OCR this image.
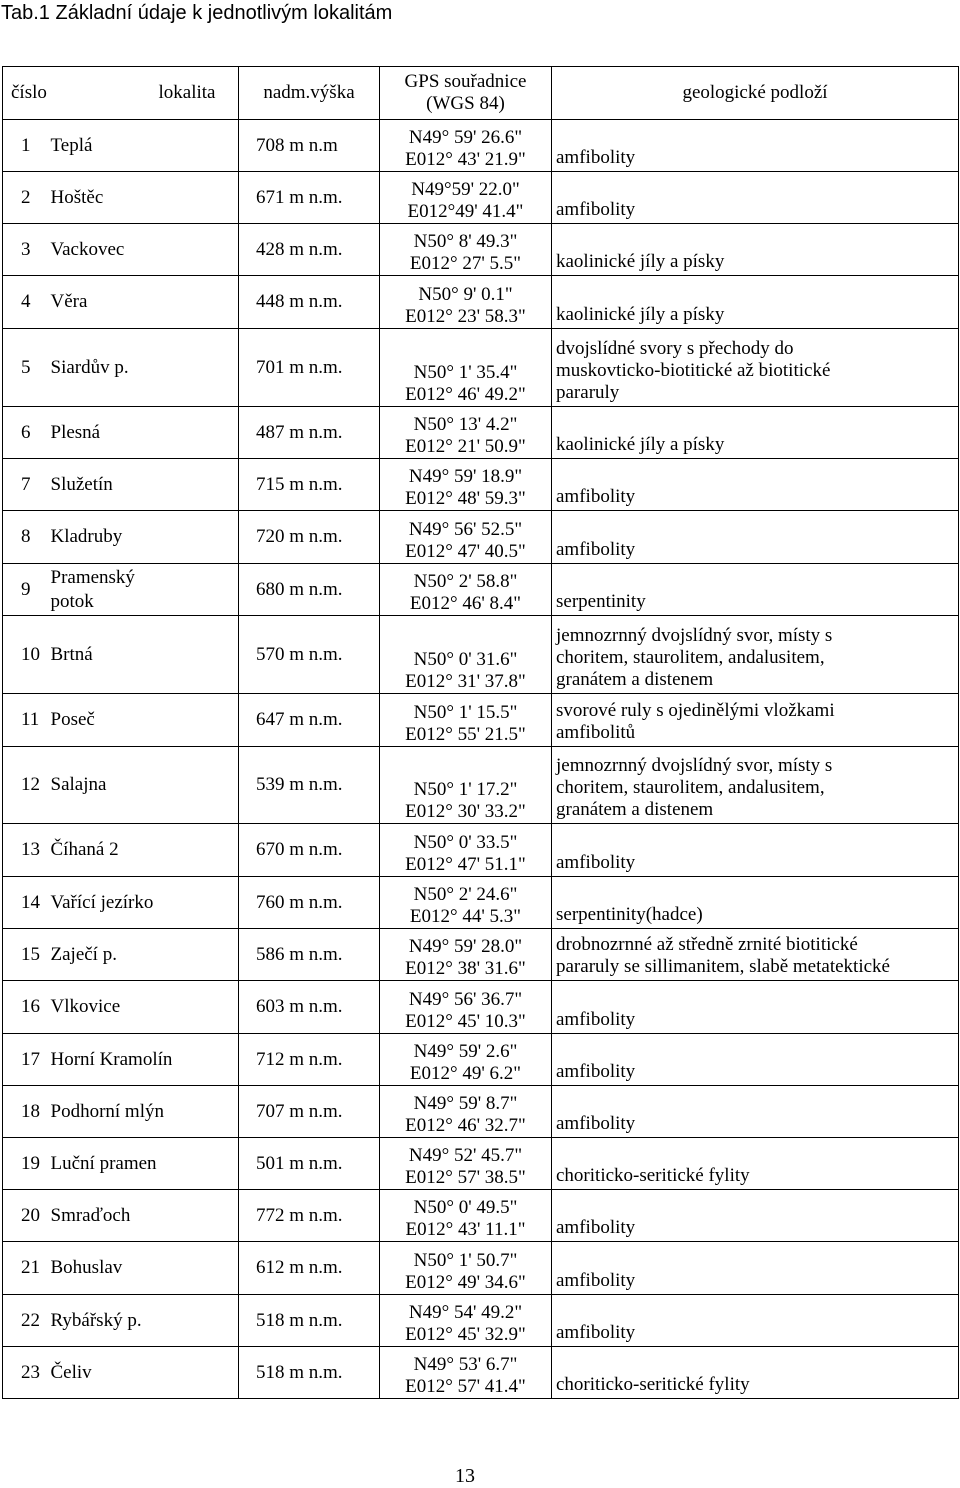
Tab.1 Základní údaje k jednotlivým lokalitám
číslo	lokalita	nadm.výška	GPS souřadnice
(WGS 84)	geologické podloží
1	Teplá	708 m n.m	N49° 59' 26.6"
E012° 43' 21.9"	amfibolity

2	Hoštěc	671 m n.m.	N49°59' 22.0"
E012°49' 41.4"	amfibolity

3	Vackovec	428 m n.m.	N50° 8' 49.3"
E012° 27' 5.5"	kaolinické jíly a písky

4	Věra	448 m n.m.	N50° 9' 0.1"
E012° 23' 58.3"	kaolinické jíly a písky

5	Siardův p.	701 m n.m.	N50° 1' 35.4"
E012° 46' 49.2"	dvojslídné svory s přechody do
muskovticko-biotitické až biotitické
pararuly

6	Plesná	487 m n.m.	N50° 13' 4.2"
E012° 21' 50.9"	kaolinické jíly a písky

7	Služetín	715 m n.m.	N49° 59' 18.9"
E012° 48' 59.3"	amfibolity

8	Kladruby	720 m n.m.	N49° 56' 52.5"
E012° 47' 40.5"	amfibolity

9	Pramenský
potok	680 m n.m.	N50° 2' 58.8"
E012° 46' 8.4"	serpentinity

10	Brtná	570 m n.m.	N50° 0' 31.6"
E012° 31' 37.8"	jemnozrnný dvojslídný svor, místy s
choritem, staurolitem, andalusitem,
granátem a distenem

11	Poseč	647 m n.m.	N50° 1' 15.5"
E012° 55' 21.5"	svorové ruly s ojedinělými vložkami
amfibolitů

12	Salajna	539 m n.m.	N50° 1' 17.2"
E012° 30' 33.2"	jemnozrnný dvojslídný svor, místy s
choritem, staurolitem, andalusitem,
granátem a distenem

13	Číhaná 2	670 m n.m.	N50° 0' 33.5"
E012° 47' 51.1"	amfibolity

14	Vařící jezírko	760 m n.m.	N50° 2' 24.6"
E012° 44' 5.3"	serpentinity(hadce)

15	Zaječí p.	586 m n.m.	N49° 59' 28.0"
E012° 38' 31.6"	drobnozrnné až středně zrnité biotitické
pararuly se sillimanitem, slabě metatektické

16	Vlkovice	603 m n.m.	N49° 56' 36.7"
E012° 45' 10.3"	amfibolity

17	Horní Kramolín	712 m n.m.	N49° 59' 2.6"
E012° 49' 6.2"	amfibolity

18	Podhorní mlýn	707 m n.m.	N49° 59' 8.7"
E012° 46' 32.7"	amfibolity

19	Luční pramen	501 m n.m.	N49° 52' 45.7"
E012° 57' 38.5"	choriticko-seritické fylity

20	Smraďoch	772 m n.m.	N50° 0' 49.5"
E012° 43' 11.1"	amfibolity

21	Bohuslav	612 m n.m.	N50° 1' 50.7"
E012° 49' 34.6"	amfibolity

22	Rybářský p.	518 m n.m.	N49° 54' 49.2"
E012° 45' 32.9"	amfibolity

23	Čeliv	518 m n.m.	N49° 53' 6.7"
E012° 57' 41.4"	choriticko-seritické fylity
13
